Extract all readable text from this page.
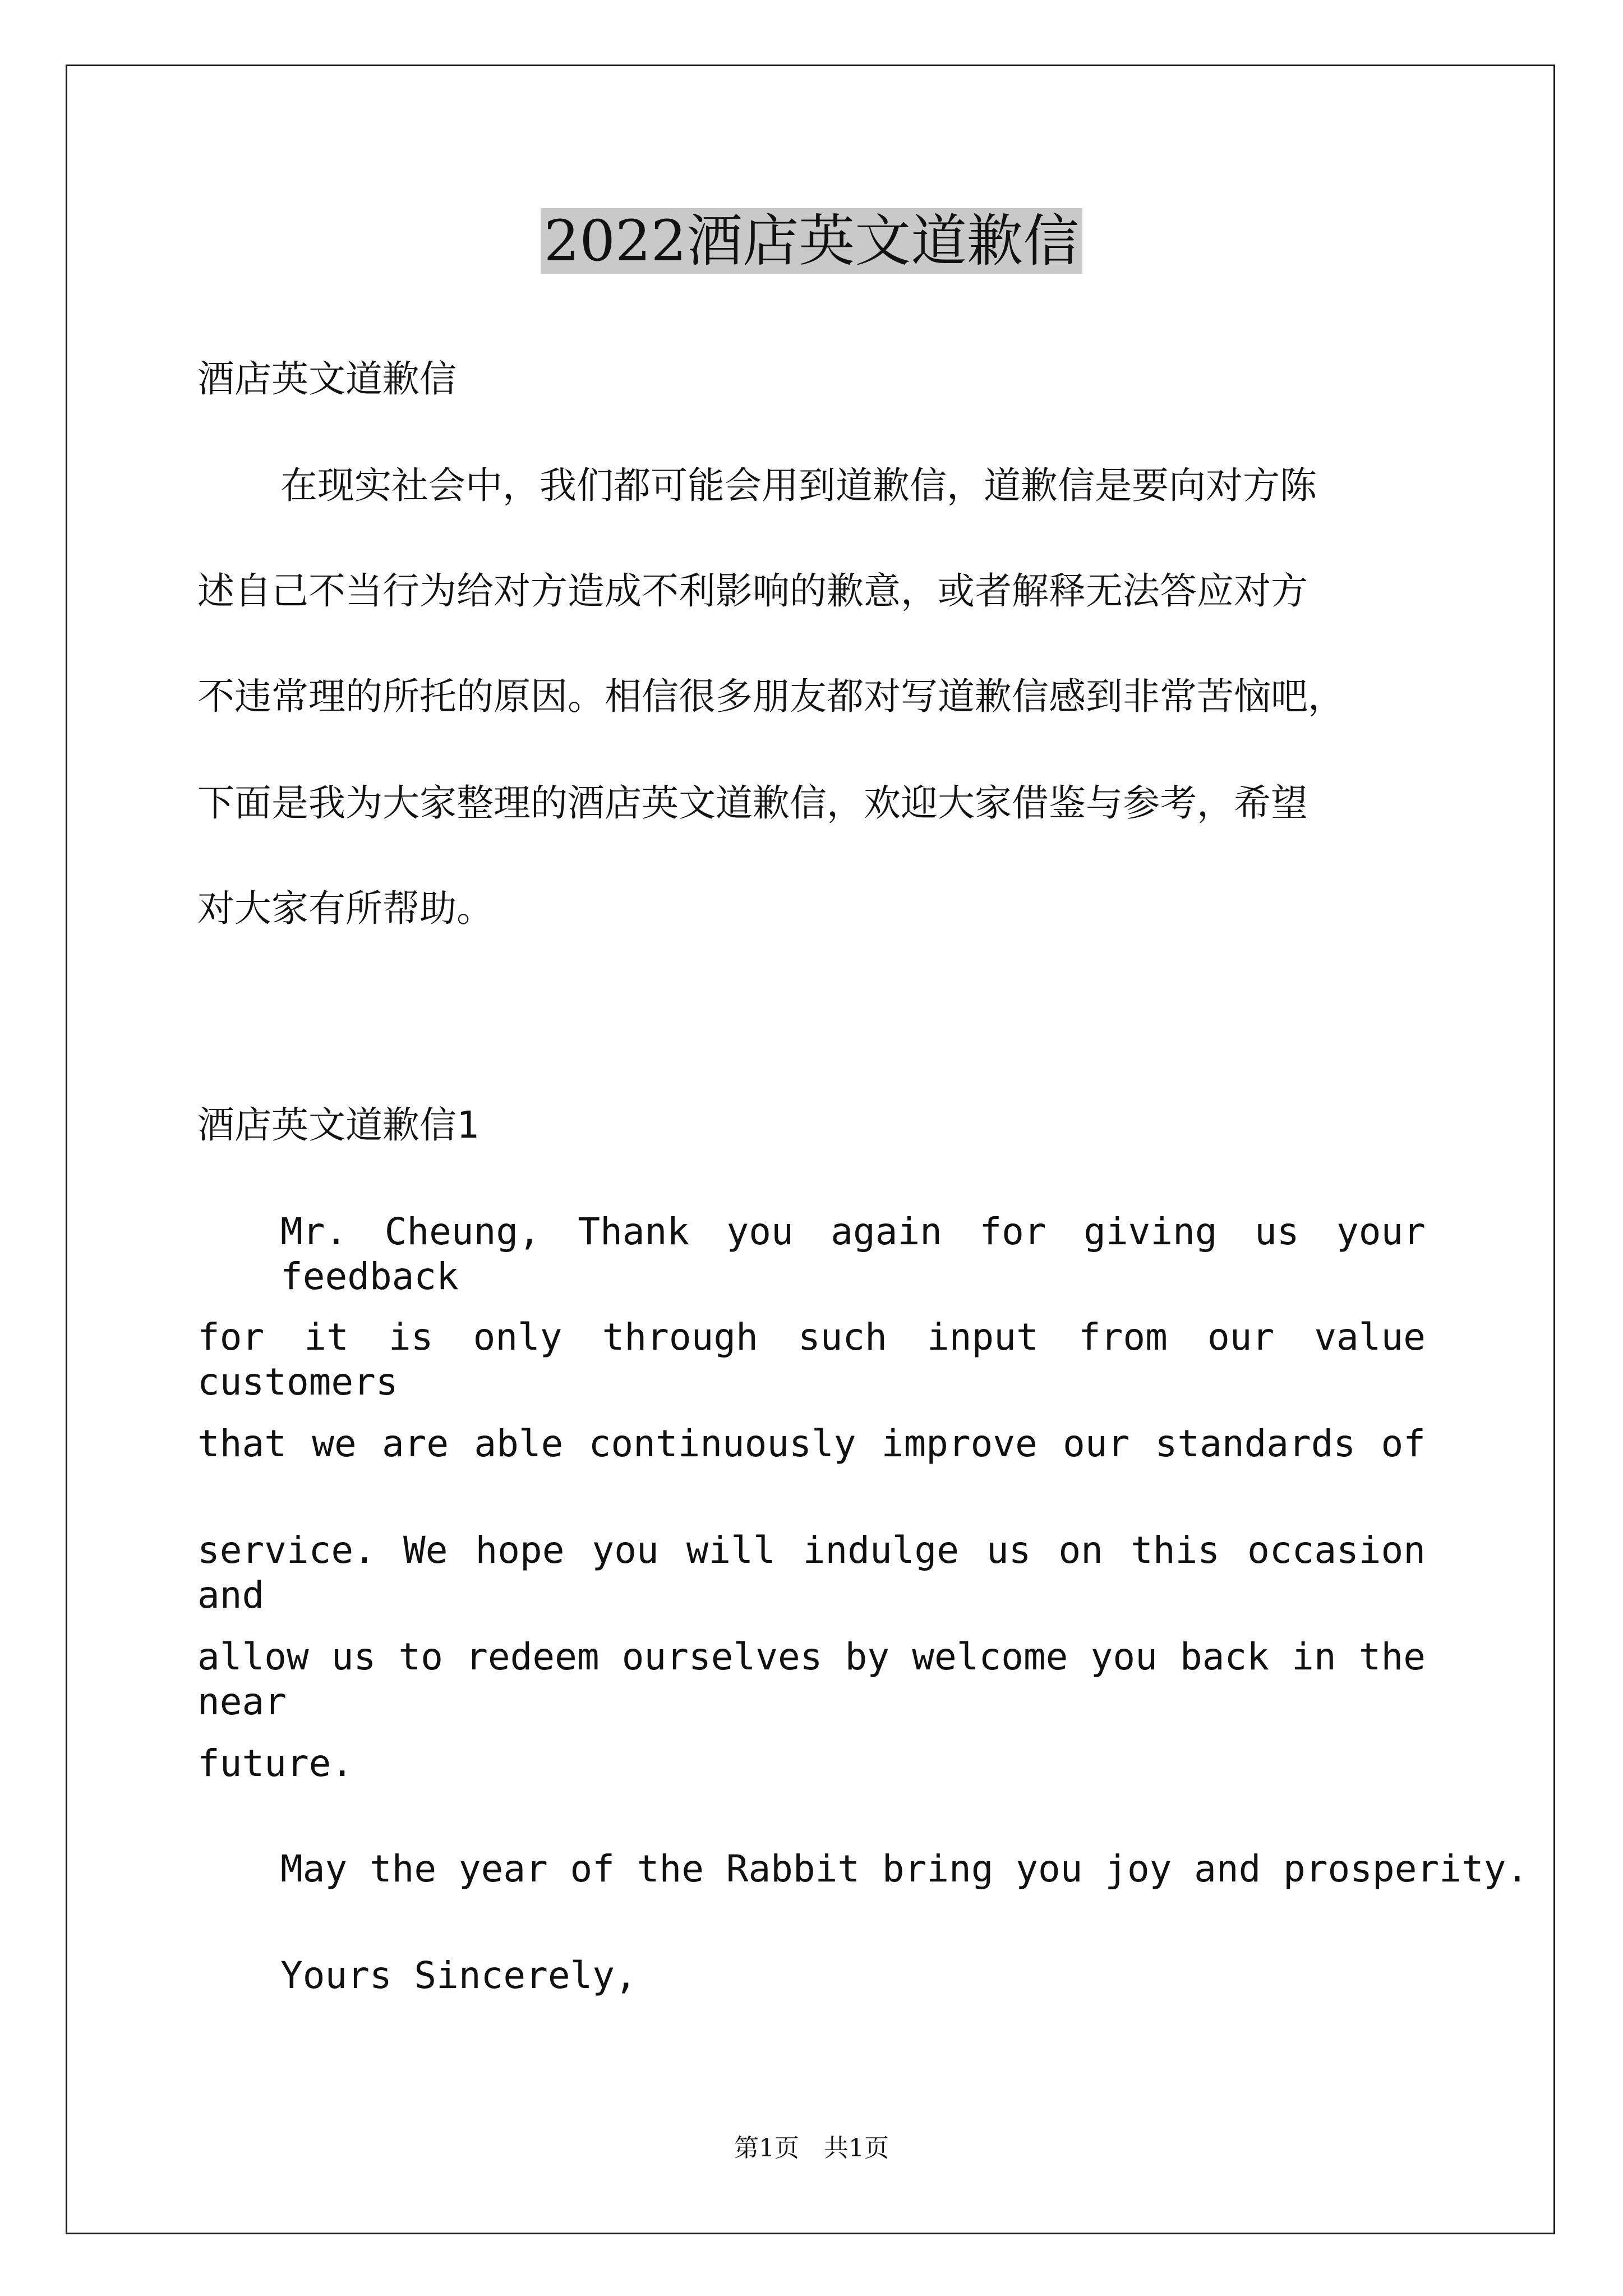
2022酒店英文道歉信
酒店英文道歉信
在现实社会中，我们都可能会用到道歉信，道歉信是要向对方陈
述自己不当行为给对方造成不利影响的歉意，或者解释无法答应对方
不违常理的所托的原因。相信很多朋友都对写道歉信感到非常苦恼吧，
下面是我为大家整理的酒店英文道歉信，欢迎大家借鉴与参考，希望
对大家有所帮助。
酒店英文道歉信1
Mr. Cheung, Thank you again for giving us your feedback
for it is only through such input from our value customers
that we are able continuously improve our standards of
service. We hope you will indulge us on this occasion and
allow us to redeem ourselves by welcome you back in the near
future.
May the year of the Rabbit bring you joy and prosperity.
Yours Sincerely,
第1页　共1页
